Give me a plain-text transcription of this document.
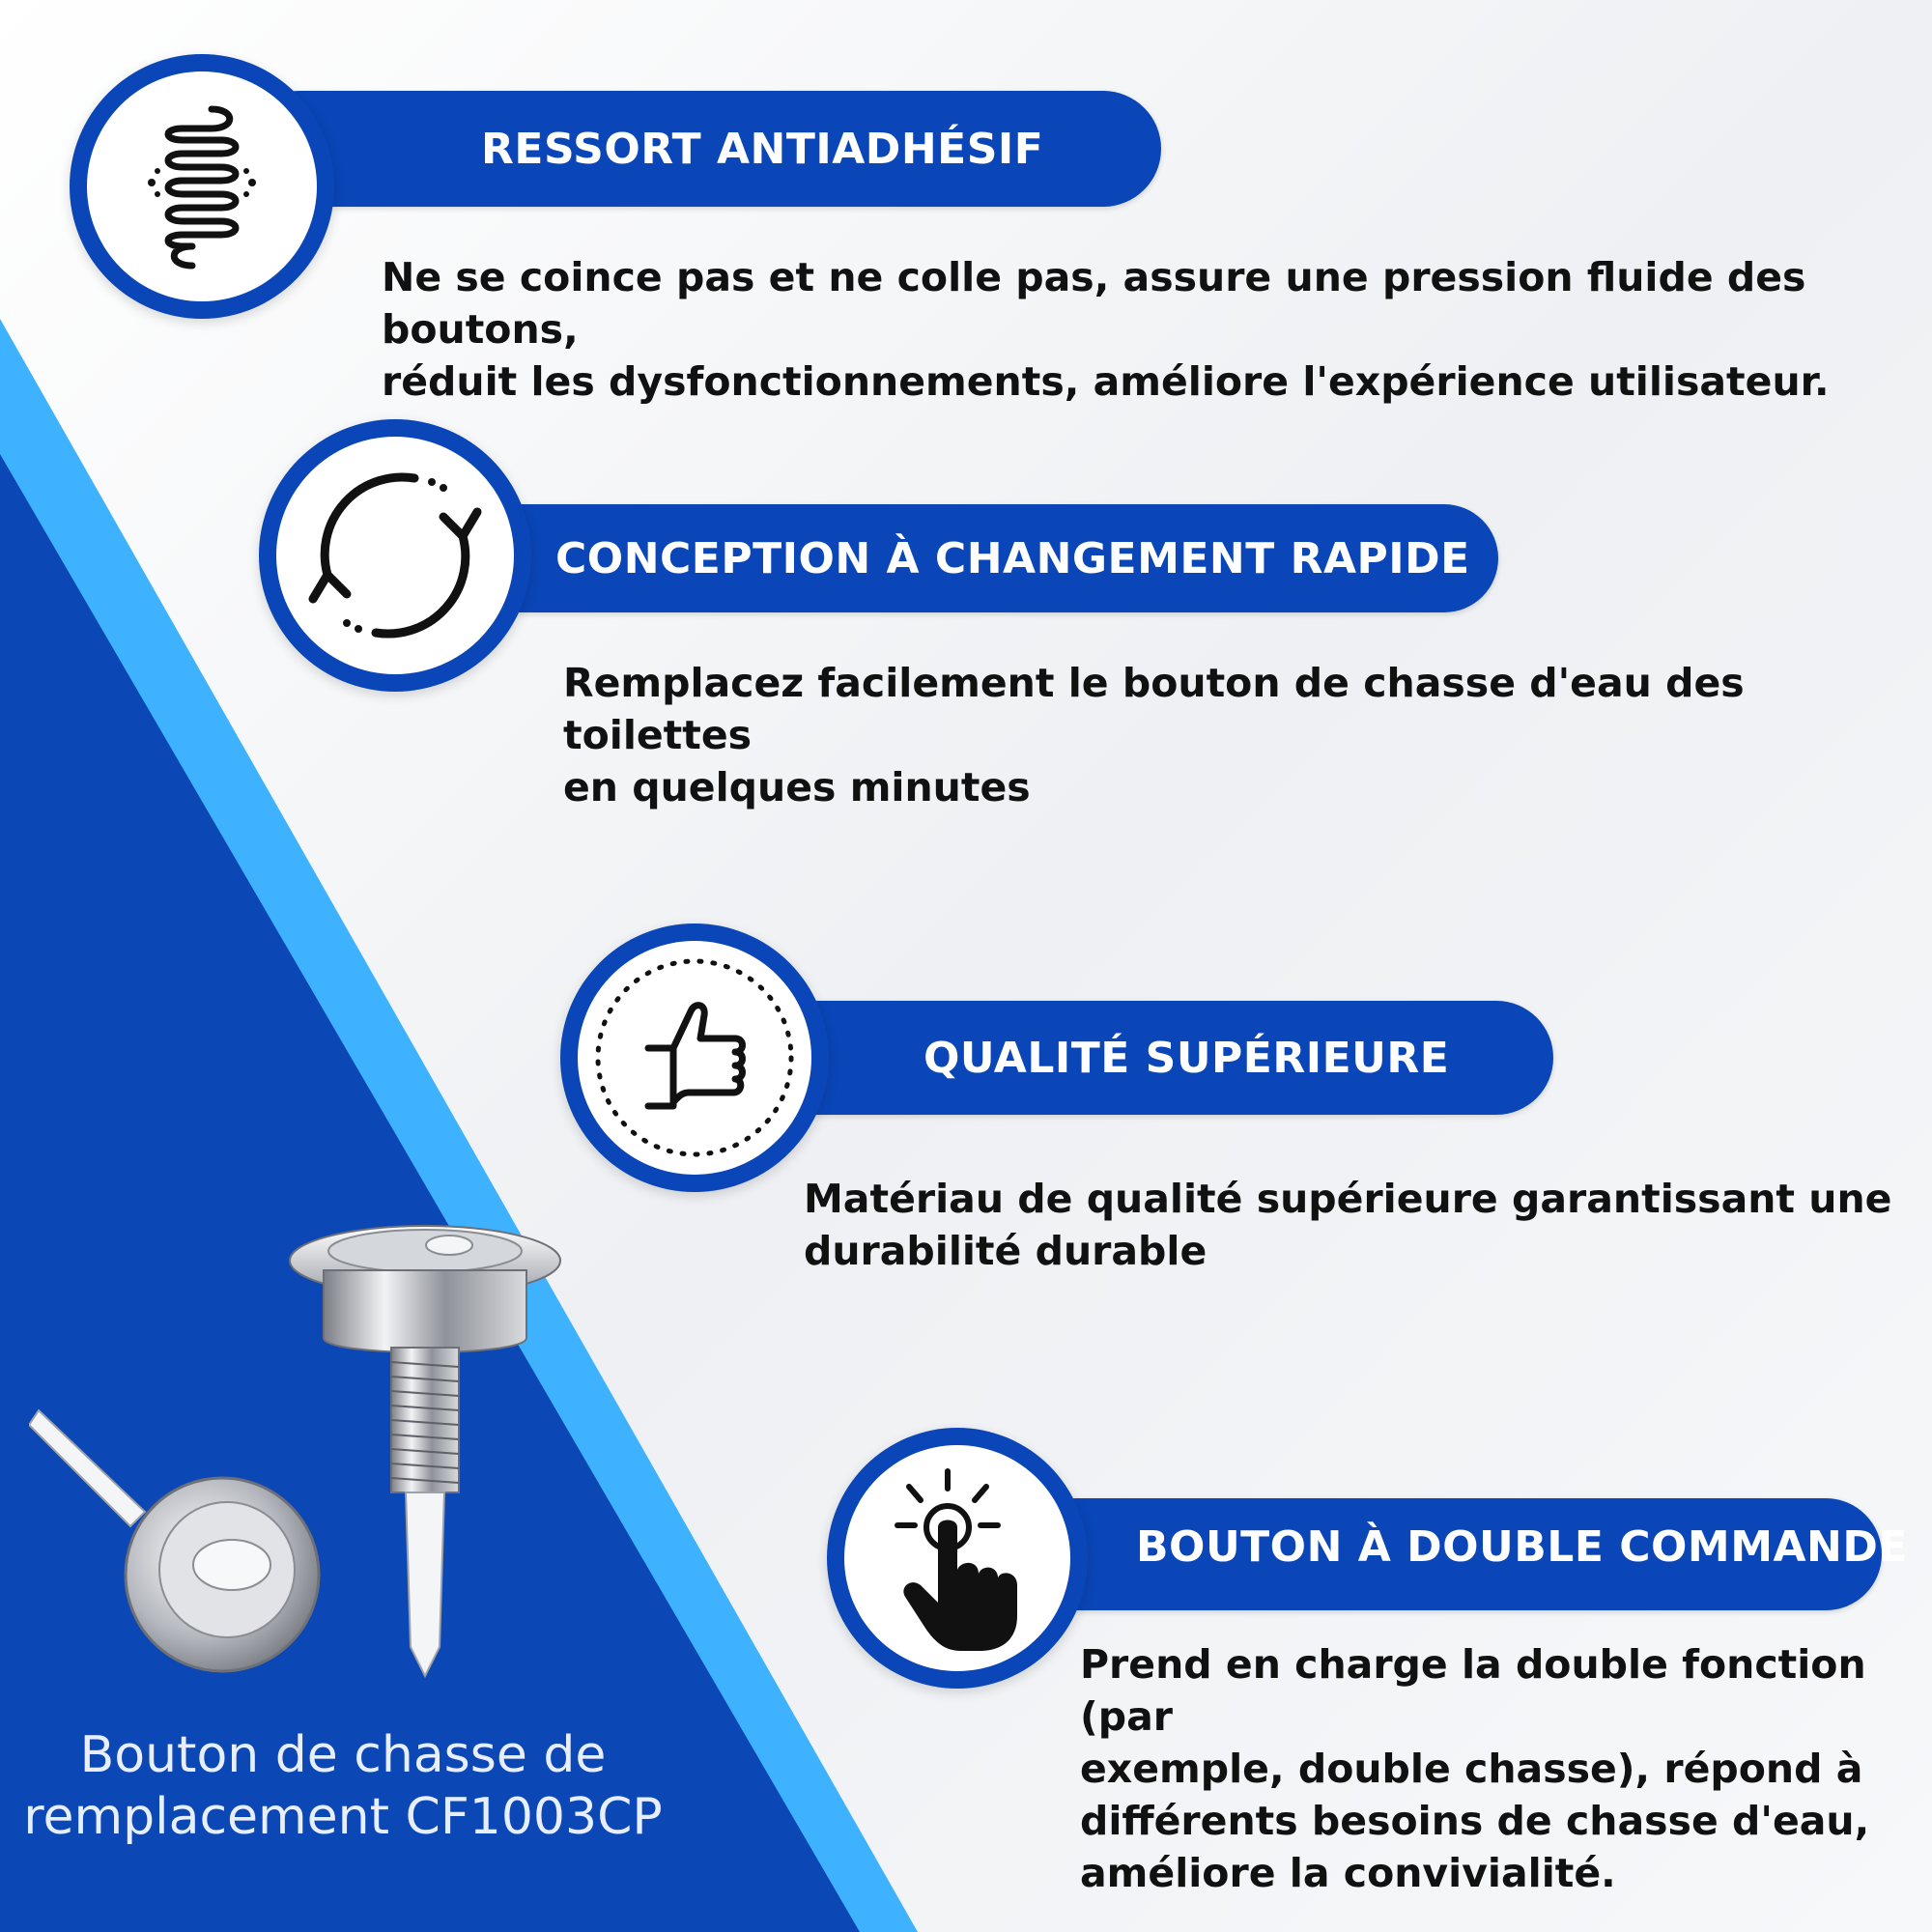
RESSORT ANTIADHÉSIF
Ne se coince pas et ne colle pas, assure une pression fluide des boutons,
réduit les dysfonctionnements, améliore l'expérience utilisateur.
CONCEPTION À CHANGEMENT RAPIDE
Remplacez facilement le bouton de chasse d'eau des toilettes
en quelques minutes
QUALITÉ SUPÉRIEURE
Matériau de qualité supérieure garantissant une
durabilité durable
BOUTON À DOUBLE COMMANDE
Prend en charge la double fonction (par
exemple, double chasse), répond à
différents besoins de chasse d'eau,
améliore la convivialité.
Bouton de chasse de
remplacement CF1003CP
